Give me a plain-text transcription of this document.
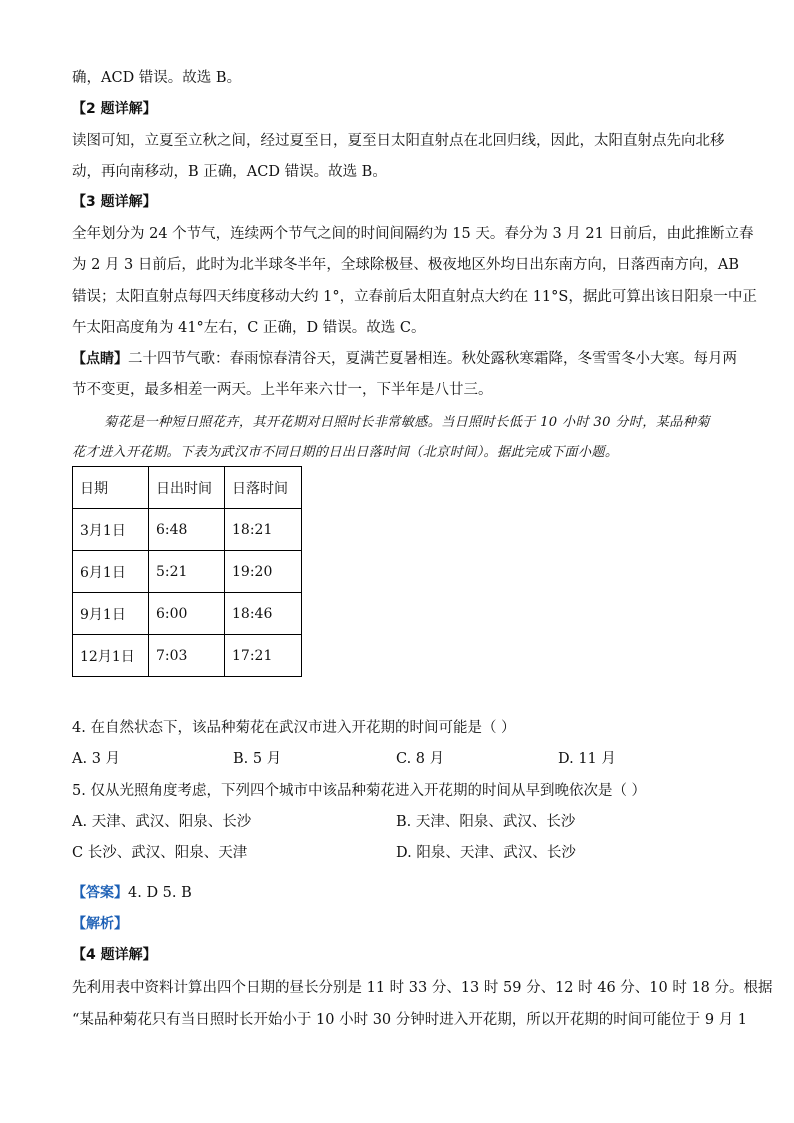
确，ACD 错误。故选 B。
【2 题详解】
读图可知，立夏至立秋之间，经过夏至日，夏至日太阳直射点在北回归线，因此，太阳直射点先向北移
动，再向南移动，B 正确，ACD 错误。故选 B。
【3 题详解】
全年划分为 24 个节气，连续两个节气之间的时间间隔约为 15 天。春分为 3 月 21 日前后，由此推断立春
为 2 月 3 日前后，此时为北半球冬半年，全球除极昼、极夜地区外均日出东南方向，日落西南方向，AB
错误；太阳直射点每四天纬度移动大约 1°，立春前后太阳直射点大约在 11°S，据此可算出该日阳泉一中正
午太阳高度角为 41°左右，C 正确，D 错误。故选 C。
【点睛】二十四节气歌：春雨惊春清谷天，夏满芒夏暑相连。秋处露秋寒霜降，冬雪雪冬小大寒。每月两
节不变更，最多相差一两天。上半年来六廿一，下半年是八廿三。
菊花是一种短日照花卉，其开花期对日照时长非常敏感。当日照时长低于 10 小时 30 分时，某品种菊
花才进入开花期。下表为武汉市不同日期的日出日落时间（北京时间）。据此完成下面小题。
日期	日出时间	日落时间
3月1日	6:48	18:21
6月1日	5:21	19:20
9月1日	6:00	18:46
12月1日	7:03	17:21
4. 在自然状态下，该品种菊花在武汉市进入开花期的时间可能是（ ）
A. 3 月	B. 5 月	C. 8 月	D. 11 月
5. 仅从光照角度考虑，下列四个城市中该品种菊花进入开花期的时间从早到晚依次是（ ）
A. 天津、武汉、阳泉、长沙	B. 天津、阳泉、武汉、长沙
C 长沙、武汉、阳泉、天津	D. 阳泉、天津、武汉、长沙
【答案】4. D 5. B
【解析】
【4 题详解】
先利用表中资料计算出四个日期的昼长分别是 11 时 33 分、13 时 59 分、12 时 46 分、10 时 18 分。根据
“某品种菊花只有当日照时长开始小于 10 小时 30 分钟时进入开花期，所以开花期的时间可能位于 9 月 1
